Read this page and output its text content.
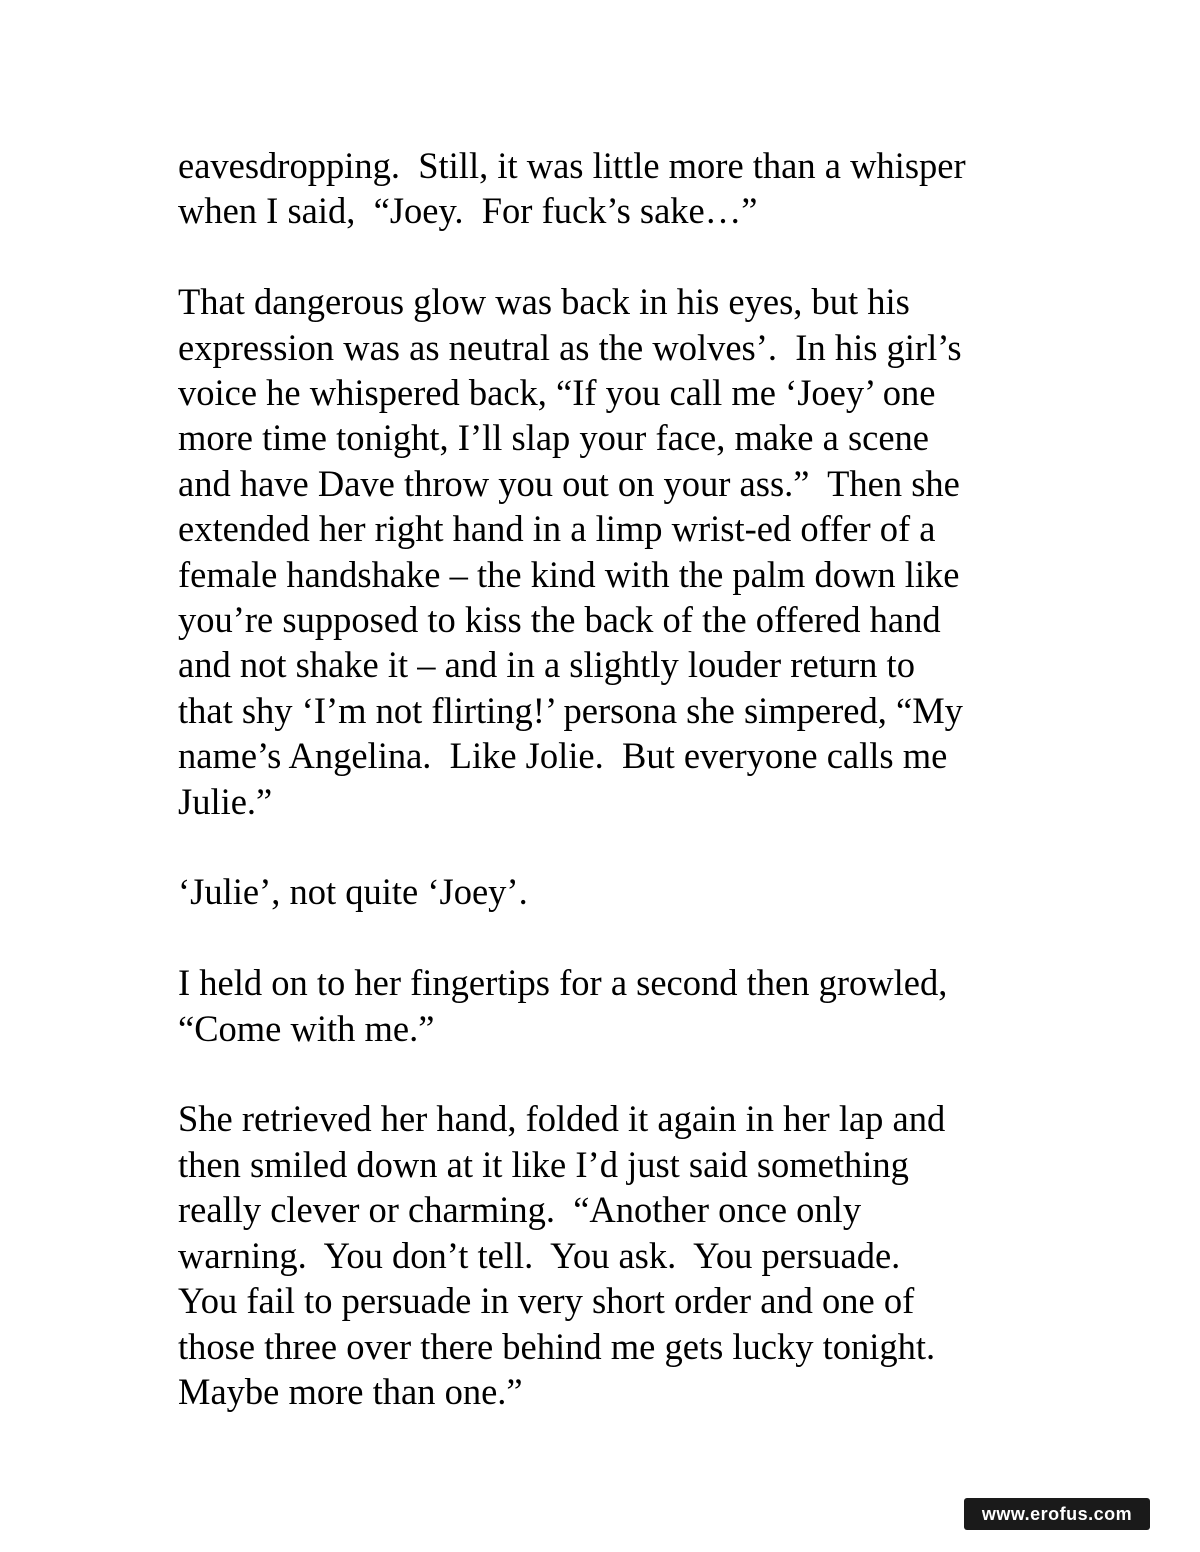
eavesdropping.  Still, it was little more than a whisper
when I said,  “Joey.  For fuck’s sake…”

That dangerous glow was back in his eyes, but his
expression was as neutral as the wolves’.  In his girl’s
voice he whispered back, “If you call me ‘Joey’ one
more time tonight, I’ll slap your face, make a scene
and have Dave throw you out on your ass.”  Then she
extended her right hand in a limp wrist-ed offer of a
female handshake – the kind with the palm down like
you’re supposed to kiss the back of the offered hand
and not shake it – and in a slightly louder return to
that shy ‘I’m not flirting!’ persona she simpered, “My
name’s Angelina.  Like Jolie.  But everyone calls me
Julie.”

‘Julie’, not quite ‘Joey’.

I held on to her fingertips for a second then growled,
“Come with me.”

She retrieved her hand, folded it again in her lap and
then smiled down at it like I’d just said something
really clever or charming.  “Another once only
warning.  You don’t tell.  You ask.  You persuade.
You fail to persuade in very short order and one of
those three over there behind me gets lucky tonight.
Maybe more than one.”

www.erofus.com
